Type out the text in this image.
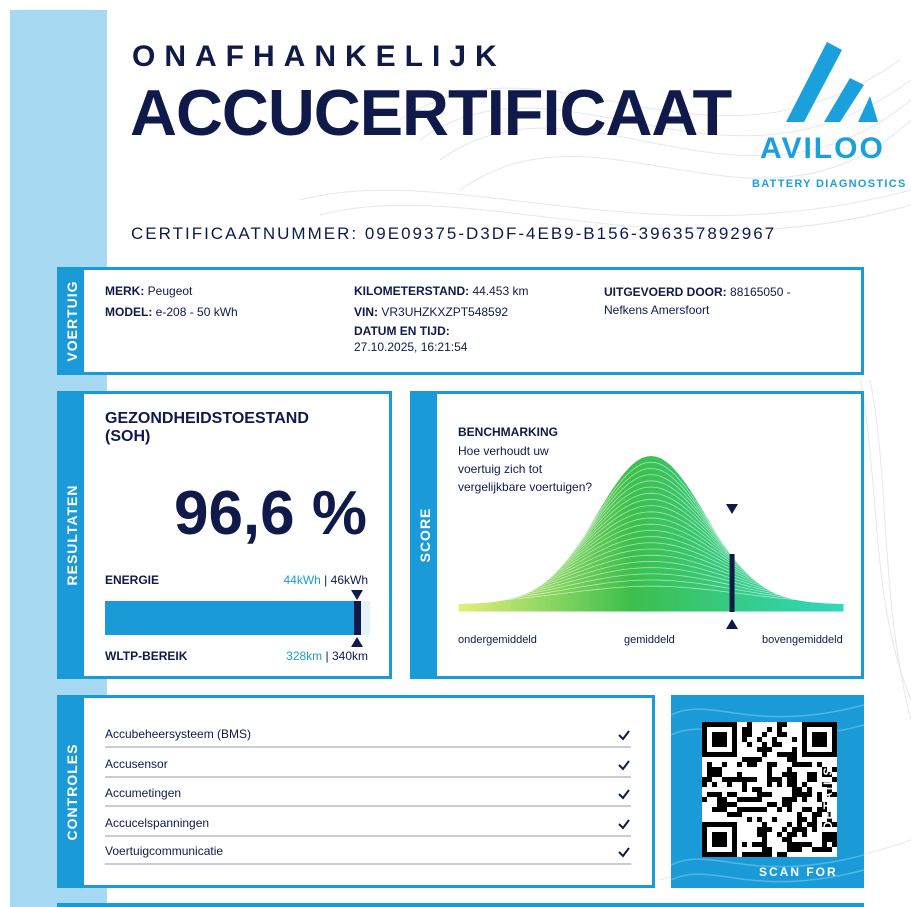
ONAFHANKELIJK
ACCUCERTIFICAAT AVILOO
BATTERY DIAGNOSTICS
CERTIFICAATNUMMER: 09E09375-D3DF-4EB9-B156-396357892967
VOERTUIG MERK: Peugeot
MODEL: e-208 - 50 kWh
KILOMETERSTAND: 44.453 km
VIN: VR3UHZKXZPT548592
DATUM EN TIJD:
27.10.2025, 16:21:54
UITGEVOERD DOOR: 88165050 -
Nefkens Amersfoort
RESULTATEN
GEZONDHEIDSTOESTAND
(SOH)
96,6 %
ENERGIE	44kWh | 46kWh
WLTP-BEREIK	328km | 340km
SCORE
BENCHMARKING
Hoe verhoudt uw
voertuig zich tot
vergelijkbare voertuigen?
ondergemiddeld	gemiddeld	bovengemiddeld
CONTROLES
Accubeheersysteem (BMS)
Accusensor
Accumetingen
Accucelspanningen
Voertuigcommunicatie
SCAN FOR
DETAILS
